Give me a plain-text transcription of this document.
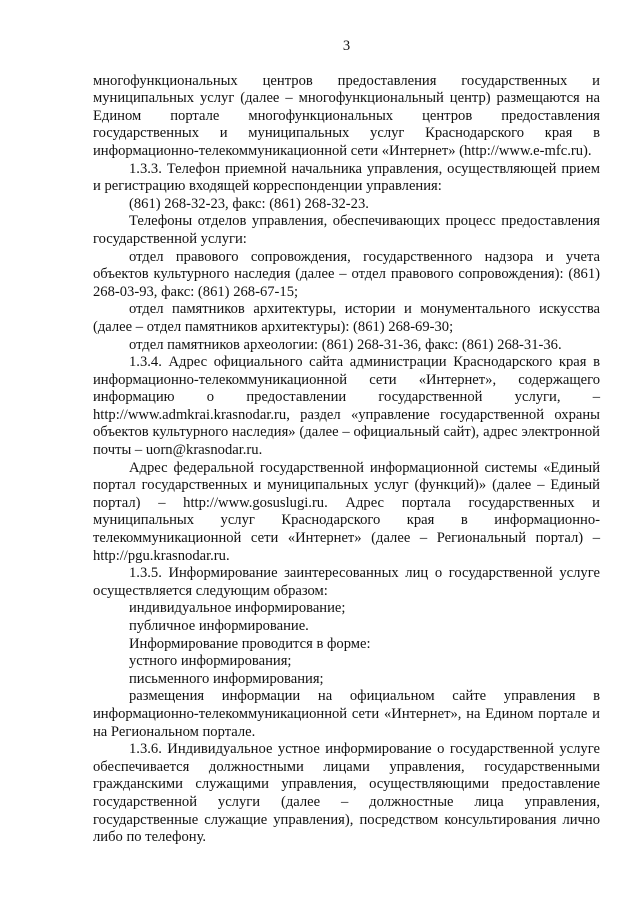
3

многофункциональных центров предоставления государственных и муниципальных услуг (далее – многофункциональный центр) размещаются на Едином портале многофункциональных центров предоставления государственных и муниципальных услуг Краснодарского края в информационно-телекоммуникационной сети «Интернет» (http://www.e-mfc.ru).

1.3.3. Телефон приемной начальника управления, осуществляющей прием и регистрацию входящей корреспонденции управления:

(861) 268-32-23, факс: (861) 268-32-23.

Телефоны отделов управления, обеспечивающих процесс предоставления государственной услуги:

отдел правового сопровождения, государственного надзора и учета объектов культурного наследия (далее – отдел правового сопровождения): (861) 268-03-93, факс: (861) 268-67-15;

отдел памятников архитектуры, истории и монументального искусства (далее – отдел памятников архитектуры): (861) 268-69-30;

отдел памятников археологии: (861) 268-31-36, факс: (861) 268-31-36.

1.3.4. Адрес официального сайта администрации Краснодарского края в информационно-телекоммуникационной сети «Интернет», содержащего информацию о предоставлении государственной услуги, – http://www.admkrai.krasnodar.ru, раздел «управление государственной охраны объектов культурного наследия» (далее – официальный сайт), адрес электронной почты – uorn@krasnodar.ru.

Адрес федеральной государственной информационной системы «Единый портал государственных и муниципальных услуг (функций)» (далее – Единый портал) – http://www.gosuslugi.ru. Адрес портала государственных и муниципальных услуг Краснодарского края в информационно-телекоммуникационной сети «Интернет» (далее – Региональный портал) – http://pgu.krasnodar.ru.

1.3.5. Информирование заинтересованных лиц о государственной услуге осуществляется следующим образом:

индивидуальное информирование;

публичное информирование.

Информирование проводится в форме:

устного информирования;

письменного информирования;

размещения информации на официальном сайте управления в информационно-телекоммуникационной сети «Интернет», на Едином портале и на Региональном портале.

1.3.6. Индивидуальное устное информирование о государственной услуге обеспечивается должностными лицами управления, государственными гражданскими служащими управления, осуществляющими предоставление государственной услуги (далее – должностные лица управления, государственные служащие управления), посредством консультирования лично либо по телефону.
